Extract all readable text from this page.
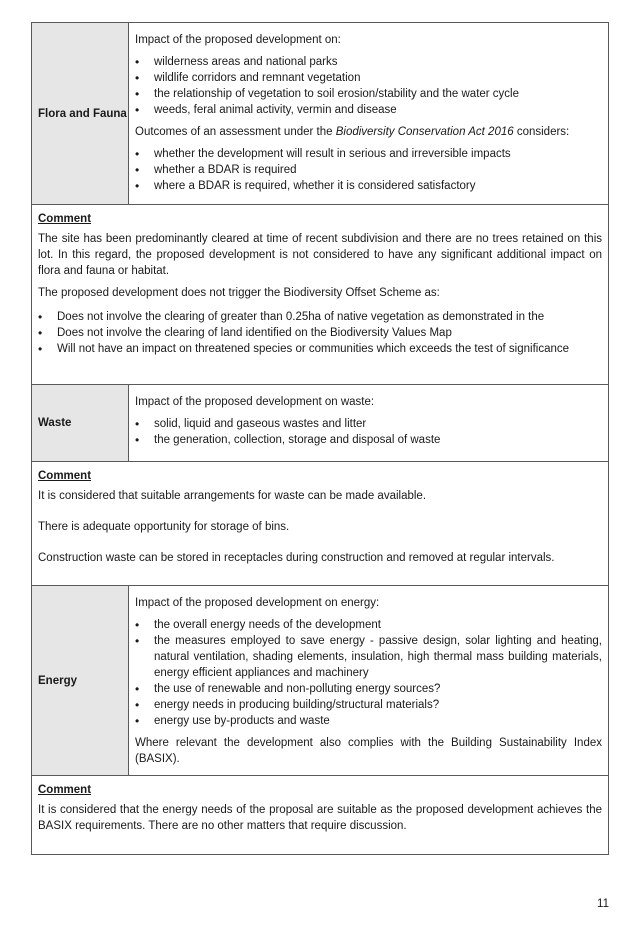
Flora and Fauna
Impact of the proposed development on:
• wilderness areas and national parks
• wildlife corridors and remnant vegetation
• the relationship of vegetation to soil erosion/stability and the water cycle
• weeds, feral animal activity, vermin and disease
Outcomes of an assessment under the Biodiversity Conservation Act 2016 considers:
• whether the development will result in serious and irreversible impacts
• whether a BDAR is required
• where a BDAR is required, whether it is considered satisfactory
Comment

The site has been predominantly cleared at time of recent subdivision and there are no trees retained on this lot. In this regard, the proposed development is not considered to have any significant additional impact on flora and fauna or habitat.

The proposed development does not trigger the Biodiversity Offset Scheme as:

• Does not involve the clearing of greater than 0.25ha of native vegetation as demonstrated in the
• Does not involve the clearing of land identified on the Biodiversity Values Map
• Will not have an impact on threatened species or communities which exceeds the test of significance
Waste
Impact of the proposed development on waste:
• solid, liquid and gaseous wastes and litter
• the generation, collection, storage and disposal of waste
Comment

It is considered that suitable arrangements for waste can be made available.

There is adequate opportunity for storage of bins.

Construction waste can be stored in receptacles during construction and removed at regular intervals.

Energy
Impact of the proposed development on energy:
• the overall energy needs of the development
• the measures employed to save energy - passive design, solar lighting and heating, natural ventilation, shading elements, insulation, high thermal mass building materials, energy efficient appliances and machinery
• the use of renewable and non-polluting energy sources?
• energy needs in producing building/structural materials?
• energy use by-products and waste

Where relevant the development also complies with the Building Sustainability Index (BASIX).

Comment

It is considered that the energy needs of the proposal are suitable as the proposed development achieves the BASIX requirements. There are no other matters that require discussion.

11
